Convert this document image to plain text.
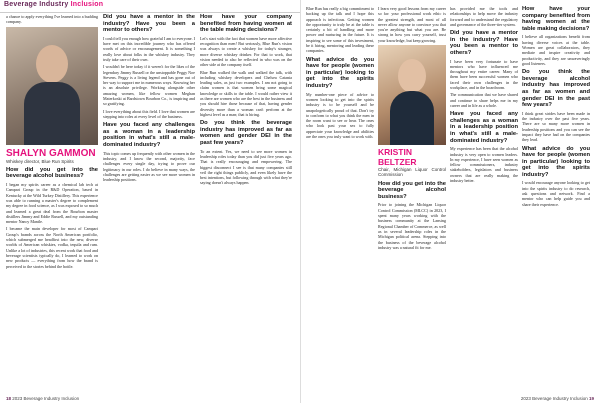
Beverage Industry Inclusion

a chance to apply everything I've learned into a budding company.

SHALYN GAMMON
Whiskey director, Blue Run Spirits
How did you get into the beverage alcohol business?

I began my spirits career as a chemical lab tech at Campari Group in the R&D Operation, based in Kentucky at the Wild Turkey Distillery. This experience was able to running a master's degree to complement my degree in food science, as I was exposed to so much and learned a great deal from the Bourbon master distillers Jimmy and Eddie Russell, and my outstanding mentor Nancy Mantle.

I became the main developer for most of Campari Group's brands across the North American portfolio, which submerged me headfirst into the new, diverse worlds of American whiskies, vodka, tequila and rum. Unlike a lot of industries, this recent work that food and beverage scientists typically do, I learned to work on new products — everything from how the brand is perceived to the stories behind the bottle.

Did you have a mentor in the industry? Have you been a mentor to others?

I could tell you enough how grateful I am to everyone. I have met on this incredible journey who has offered words of advice or encouragement. It is something I really love about folks in the whiskey industry. They truly take care of their own.

I wouldn't be here today if it weren't for the likes of the legendary Jimmy Russell or the unstoppable Peggy Noe Stevens. Peggy is a living legend and has gone out of her way to support me in numerous ways. Knowing her is an absolute privilege. Working alongside other amazing women, like fellow women Meghan Materkoski at Bardstown Bourbon Co., is inspiring and so gratifying.

I love everything about this field. I love that women are stepping into roles at every level of the business.

Have you faced any challenges as a woman in a leadership position in what's still a male-dominated industry?

This topic comes up frequently with other women in the industry, and I know the second, majority, face challenges every single day, trying to prove our legitimacy in our roles. I do believe in many ways, the challenges are getting easier as we see more women in leadership positions.

How have your company benefited from having women at the table making decisions?

Let's start with the fact that women have more affective recognition than men! But seriously, Blue Run's vision was always to create a whiskey for today's stranger, more diverse whiskey drinker. For that to work, that vision needed to also be reflected in who was on the other side at the company itself.

Blue Run walked the walk and walked the talk, with including whiskey developers and Chelsea Catania leading sales, as just two examples. I am not going to claim women is that women bring some magical knowledge or skills to the table. I would rather view it as there are women who are the best in the business and you should hire those because of that, having gender diversity more than a woman can't perform at the highest level as a man; that is hiring.

Do you think the beverage industry has improved as far as women and gender DEI in the past few years?

To an extent. Yes, we need to see more women in leadership roles today than you did just five years ago. That is really encouraging and empowering. The biggest disconnect I see is that many companies still veil the right things publicly, and even likely have the best intentions, but following through with what they're saying doesn't always happen.

18 2023 Beverage Industry Inclusion

Blue Run has really a big commitment to backing up the talk and I hope this approach is infectious. Getting women the opportunity to truly be at the table is certainly a bit of handling and more power and nurturing in the future. It is inspiring to see some of this investment, be it hiring, mentoring and leading these companies.

What advice do you have for people (women in particular) looking to get into the spirits industry?

My number-one piece of advice to women looking to get into the spirits industry is to be yourself and be unapologetically proud of that. Don't try to conform to what you think the men in the room want to see or hear. The ones who look past your sex to fully appreciate your knowledge and abilities are the ones you truly want to work with.

I learn very good lessons from my career so far: your professional work ethic is the greatest strength, and most of all never allow anyone to convince you that you're anything but what you are. Be strong in how you carry yourself, trust your knowledge, but keep growing.

KRISTIN BELTZER
Chair, Michigan Liquor Control Commission
How did you get into the beverage alcohol business?

Prior to joining the Michigan Liquor Control Commission (MLCC) in 2023, I spent many years working with the business community at the Lansing Regional Chamber of Commerce, as well as in several leadership roles in the Michigan political arena. Stepping into the business of the beverage alcohol industry was a natural fit for me.

has provided me the tools and relationships to help move the industry forward and to understand the regulatory and governance of the three-tier system.

Did you have a mentor in the industry? Have you been a mentor to others?

I have been very fortunate to have mentors who have influenced me throughout my entire career. Many of them have been successful women who faced their own challenges in the workplace, and in the boardroom.

The communication that we have shared and continue to share helps me in my career and in life as a whole.

Have you faced any challenges as a woman in a leadership position in what's still a male-dominated industry?

My experience has been that the alcohol industry is very open to women leaders. In my experience, I have seen women as fellow commissioners, industry stakeholders, legislators and business owners that are really making the industry better.

How have your company benefited from having women at the table making decisions?

I believe all organizations benefit from having diverse voices at the table. Women are great collaborators, they mediate and inspire creativity and productivity, and they are unwaveringly good listeners.

Do you think the beverage alcohol industry has improved as far as women and gender DEI in the past few years?

I think great strides have been made in the industry over the past five years. There are so many more women in leadership positions and you can see the impact they have had on the companies they lead.

What advice do you have for people (women in particular) looking to get into the spirits industry?

I would encourage anyone looking to get into the spirits industry to do research, ask questions and network. Find a mentor who can help guide you and share their experience.

2023 Beverage Industry Inclusion 19
